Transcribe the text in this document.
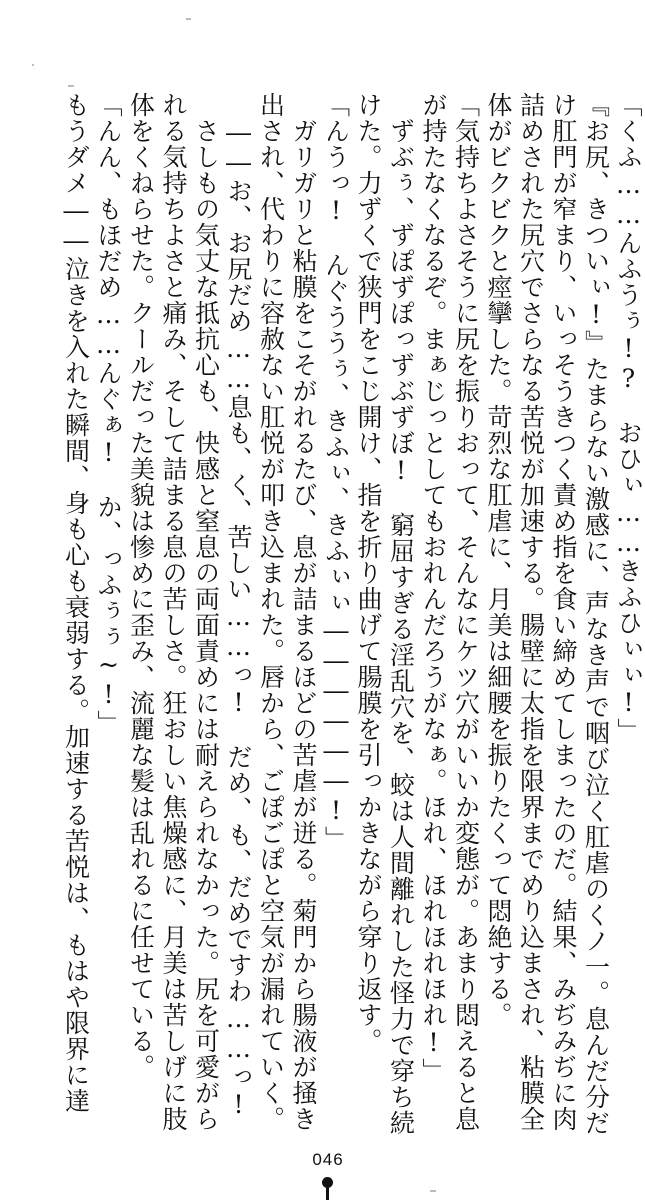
「くふ……んふうぅ!?　おひぃ……きふひぃぃ!」
『お尻、きついぃ!』たまらない激感に、声なき声で咽び泣く肛虐のくノ一。息んだ分だ
け肛門が窄まり、いっそうきつく責め指を食い締めてしまったのだ。結果、みぢみぢに肉
詰めされた尻穴でさらなる苦悦が加速する。腸壁に太指を限界までめり込まされ、粘膜全
体がビクビクと痙攣した。苛烈な肛虐に、月美は細腰を振りたくって悶絶する。
「気持ちよさそうに尻を振りおって、そんなにケツ穴がいいか変態が。あまり悶えると息
が持たなくなるぞ。まぁじっとしてもおれんだろうがなぁ。ほれ、ほれほれほれ!」
　ずぶぅ、ずぽずぽっずぶずぼ!　窮屈すぎる淫乱穴を、蛟は人間離れした怪力で穿ち続
けた。力ずくで狭門をこじ開け、指を折り曲げて腸膜を引っかきながら穿り返す。
「んうっ!　んぐううぅ、きふぃ、きふぃぃ――――――!」
　ガリガリと粘膜をこそがれるたび、息が詰まるほどの苦虐が迸る。菊門から腸液が掻き
出され、代わりに容赦ない肛悦が叩き込まれた。唇から、ごぽごぽと空気が漏れていく。
　――お、お尻だめ……息も、く、苦しい……っ!　だめ、も、だめですわ……っ!
　さしもの気丈な抵抗心も、快感と窒息の両面責めには耐えられなかった。尻を可愛がら
れる気持ちよさと痛み、そして詰まる息の苦しさ。狂おしい焦燥感に、月美は苦しげに肢
体をくねらせた。クールだった美貌は惨めに歪み、流麗な髪は乱れるに任せている。
「んん、もほだめ……んぐぁ!　か、っふぅぅ~!」
もうダメ――泣きを入れた瞬間、身も心も衰弱する。加速する苦悦は、もはや限界に達
046
